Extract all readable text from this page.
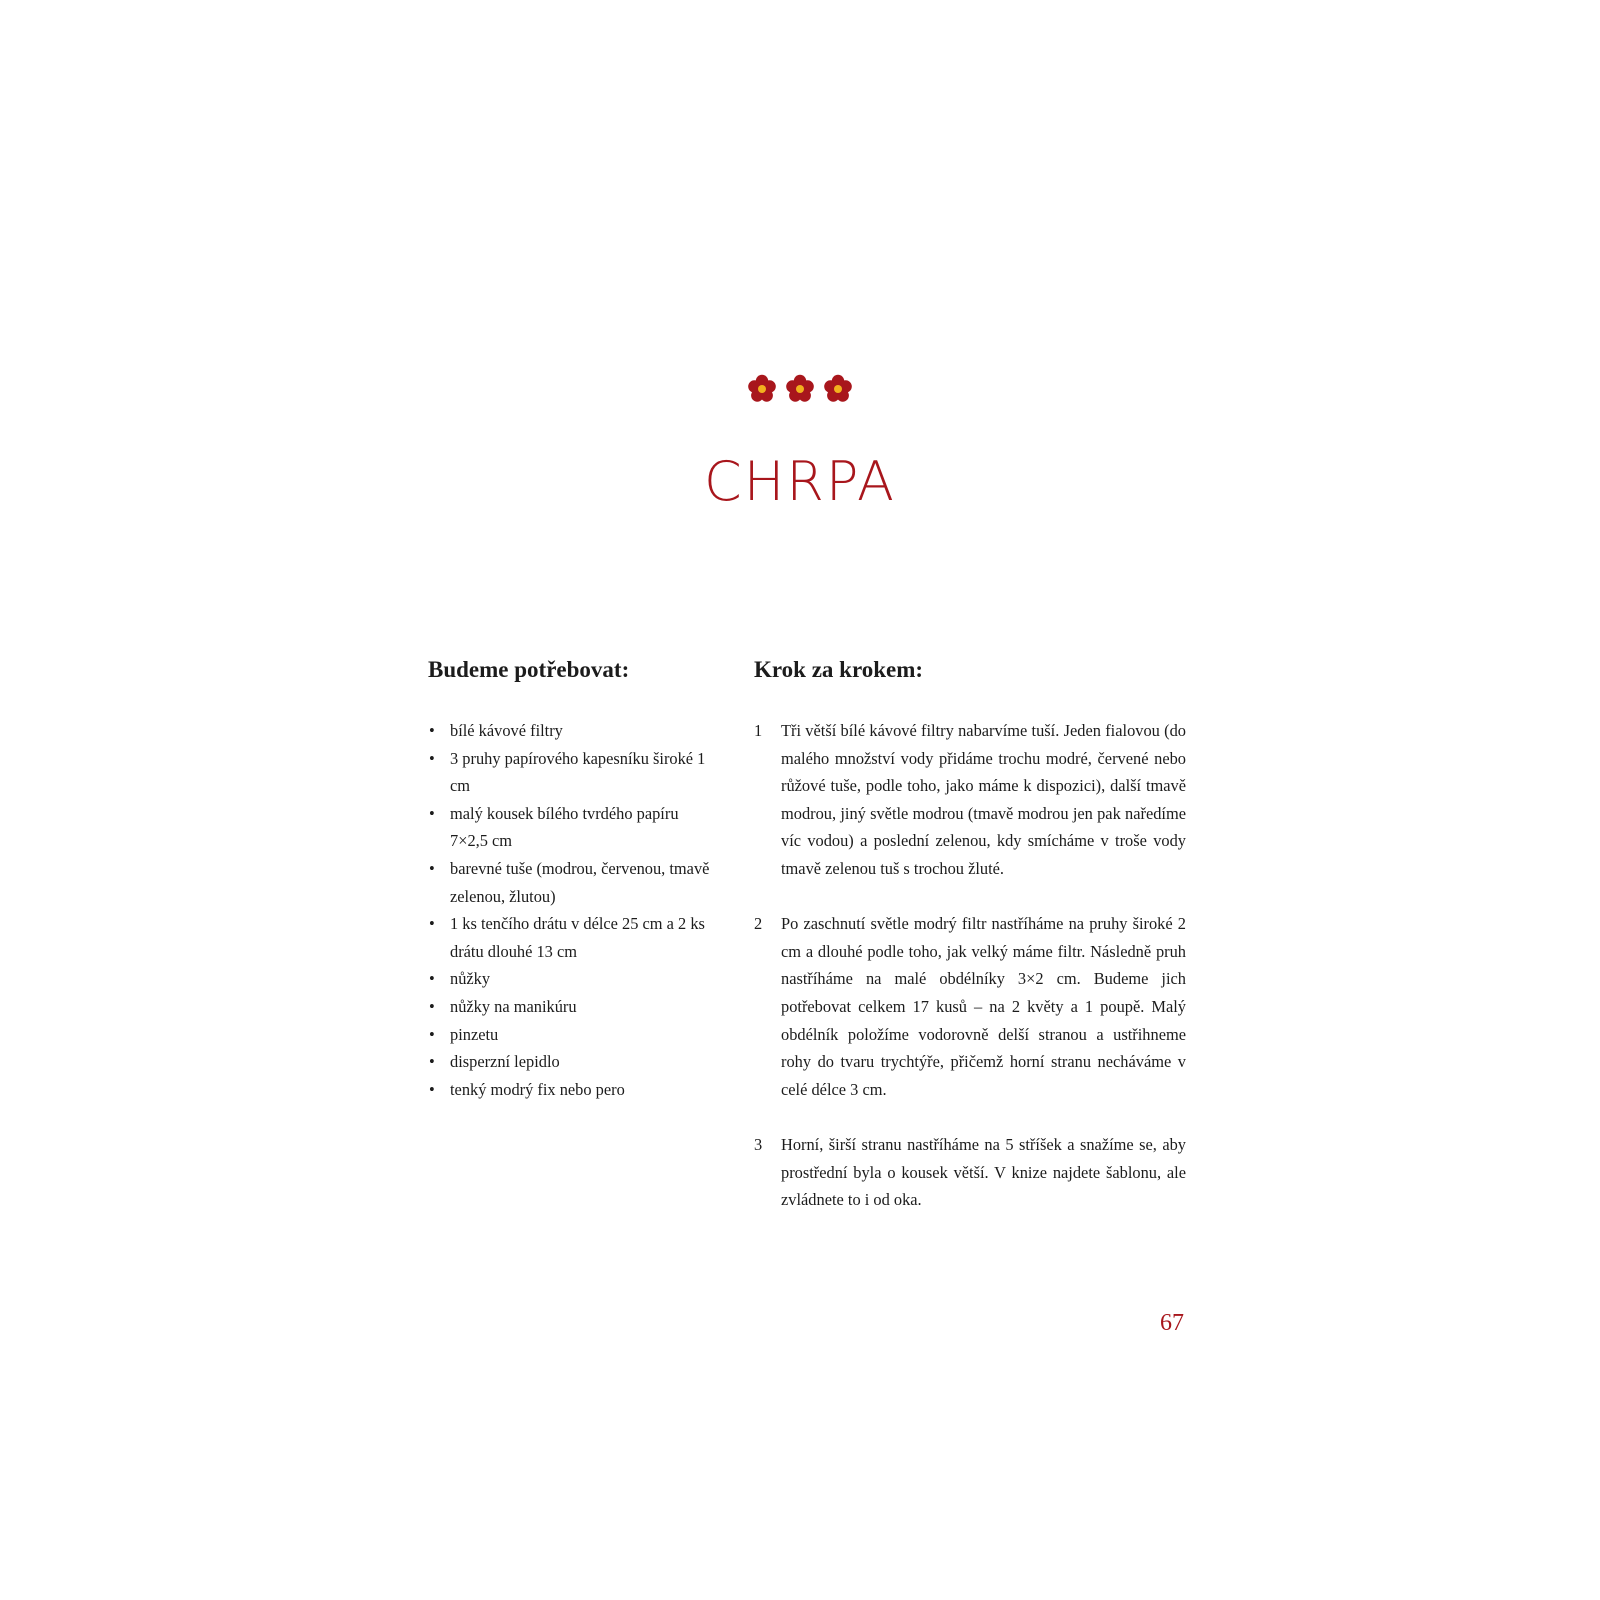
CHRPA
Budeme potřebovat:
• bílé kávové filtry
• 3 pruhy papírového kapesníku široké 1 cm
• malý kousek bílého tvrdého papíru 7×2,5 cm
• barevné tuše (modrou, červenou, tmavě zelenou, žlutou)
• 1 ks tenčího drátu v délce 25 cm a 2 ks drátu dlouhé 13 cm
• nůžky
• nůžky na manikúru
• pinzetu
• disperzní lepidlo
• tenký modrý fix nebo pero
Krok za krokem:
1 Tři větší bílé kávové filtry nabarvíme tuší. Jeden fialovou (do malého množství vody přidáme trochu modré, červené nebo růžové tuše, podle toho, jako máme k dispozici), další tmavě modrou, jiný světle modrou (tmavě modrou jen pak naředíme víc vodou) a poslední zelenou, kdy smícháme v troše vody tmavě zelenou tuš s trochou žluté.
2 Po zaschnutí světle modrý filtr nastříháme na pruhy široké 2 cm a dlouhé podle toho, jak velký máme filtr. Následně pruh nastříháme na malé obdélníky 3×2 cm. Budeme jich potřebovat celkem 17 kusů – na 2 květy a 1 poupě. Malý obdélník položíme vodorovně delší stranou a ustřihneme rohy do tvaru trychtýře, přičemž horní stranu necháváme v celé délce 3 cm.
3 Horní, širší stranu nastříháme na 5 stříšek a snažíme se, aby prostřední byla o kousek větší. V knize najdete šablonu, ale zvládnete to i od oka.
67
